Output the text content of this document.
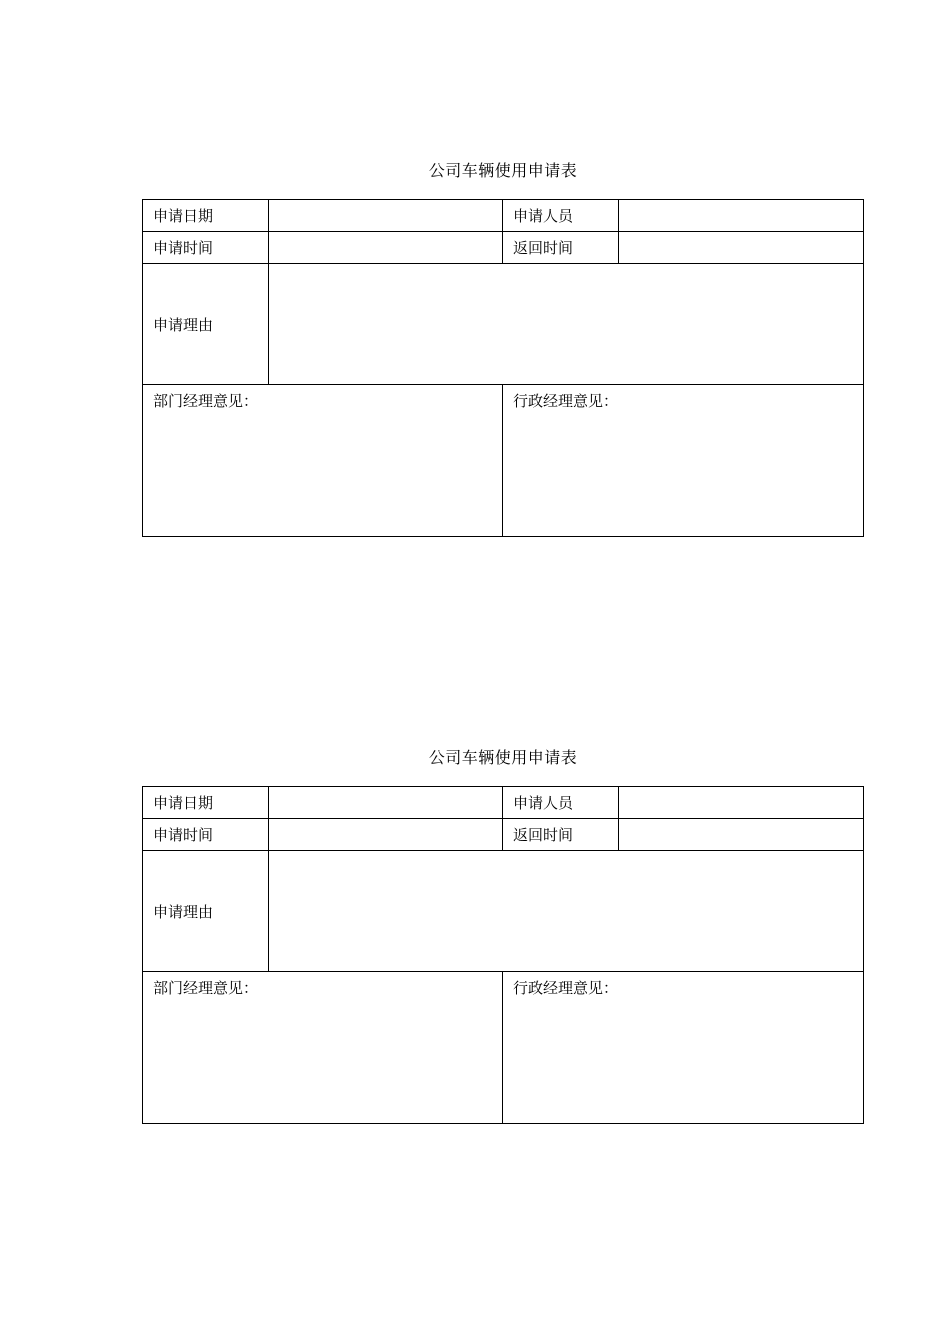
公司车辆使用申请表
申请日期		申请人员	
申请时间		返回时间	
申请理由			
部门经理意见：		行政经理意见：	
公司车辆使用申请表
申请日期		申请人员	
申请时间		返回时间	
申请理由			
部门经理意见：		行政经理意见：	
